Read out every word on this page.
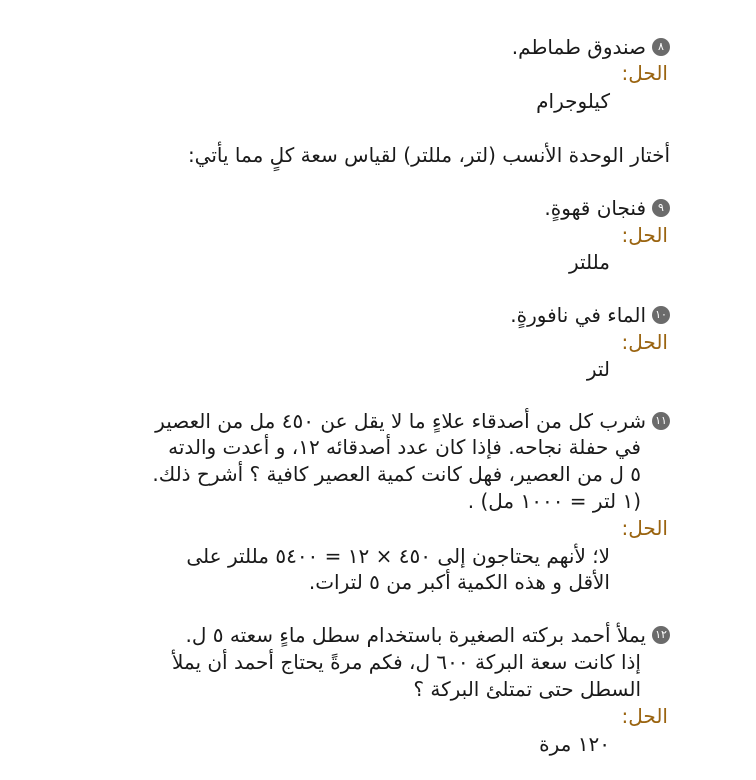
٨صندوق طماطم.
الحل:
كيلوجرام
أختار الوحدة الأنسب (لتر، مللتر) لقياس سعة كلٍ مما يأتي:
٩فنجان قهوةٍ.
الحل:
مللتر
١٠الماء في نافورةٍ.
الحل:
لتر
١١شرب كل من أصدقاء علاءٍ ما لا يقل عن ٤٥٠ مل من العصير
في حفلة نجاحه. فإذا كان عدد أصدقائه ١٢، و أعدت والدته
٥ ل من العصير، فهل كانت كمية العصير كافية ؟ أشرح ذلك.
(١ لتر = ١٠٠٠ مل) .
الحل:
لا؛ لأنهم يحتاجون إلى ٤٥٠ × ١٢ = ٥٤٠٠ مللتر على
الأقل و هذه الكمية أكبر من ٥ لترات.
١٢يملأ أحمد بركته الصغيرة باستخدام سطل ماءٍ سعته ٥ ل.
إذا كانت سعة البركة ٦٠٠ ل، فكم مرةً يحتاج أحمد أن يملأ
السطل حتى تمتلئ البركة ؟
الحل:
١٢٠ مرة
